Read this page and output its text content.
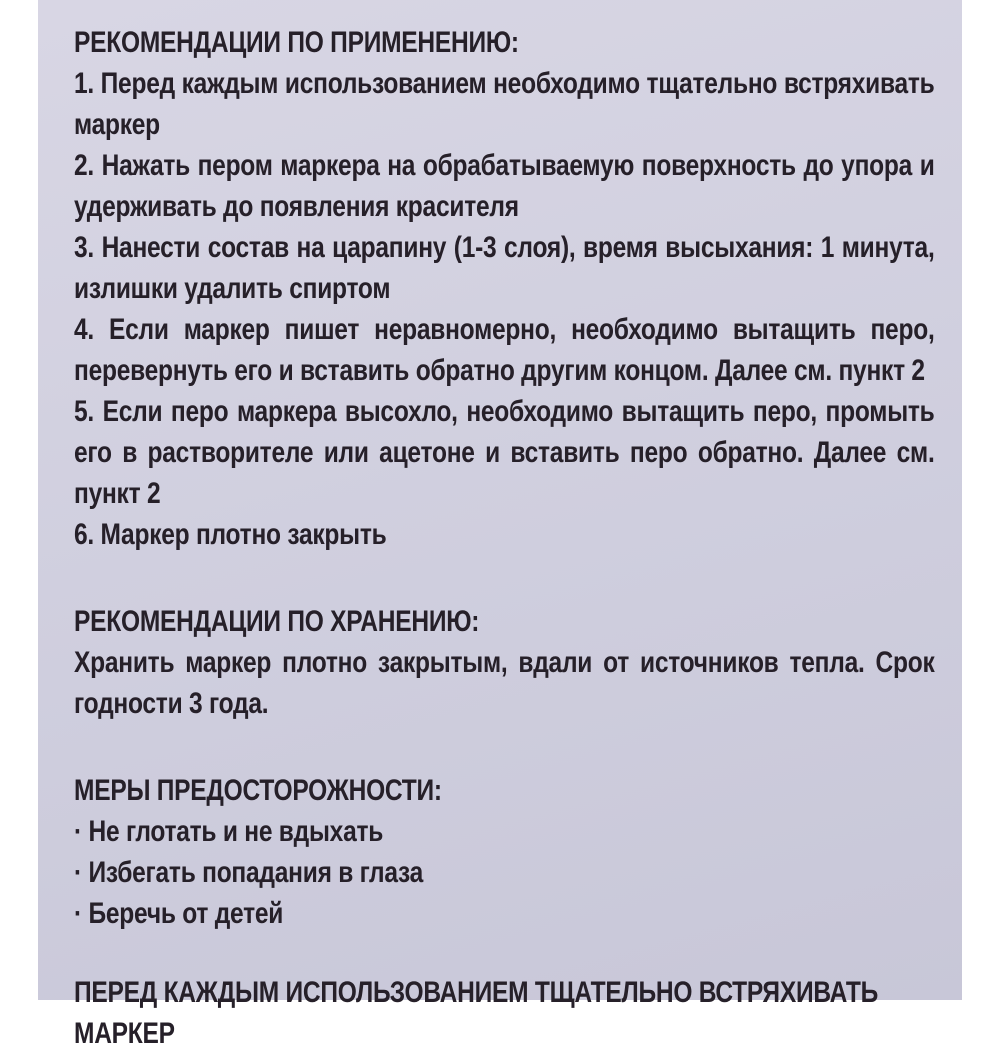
РЕКОМЕНДАЦИИ ПО ПРИМЕНЕНИЮ:

1. Перед каждым использованием необходимо тщательно встряхивать маркер

2. Нажать пером маркера на обрабатываемую поверхность до упора и удерживать до появления красителя

3. Нанести состав на царапину (1-3 слоя), время высыхания: 1 минута, излишки удалить спиртом

4. Если маркер пишет неравномерно, необходимо вытащить перо, перевернуть его и вставить обратно другим концом. Далее см. пункт 2

5. Если перо маркера высохло, необходимо вытащить перо, промыть его в растворителе или ацетоне и вставить перо обратно. Далее см. пункт 2

6. Маркер плотно закрыть

РЕКОМЕНДАЦИИ ПО ХРАНЕНИЮ:

Хранить маркер плотно закрытым, вдали от источников тепла. Срок годности 3 года.

МЕРЫ ПРЕДОСТОРОЖНОСТИ:

· Не глотать и не вдыхать

· Избегать попадания в глаза

· Беречь от детей

ПЕРЕД КАЖДЫМ ИСПОЛЬЗОВАНИЕМ ТЩАТЕЛЬНО ВСТРЯХИВАТЬ МАРКЕР
